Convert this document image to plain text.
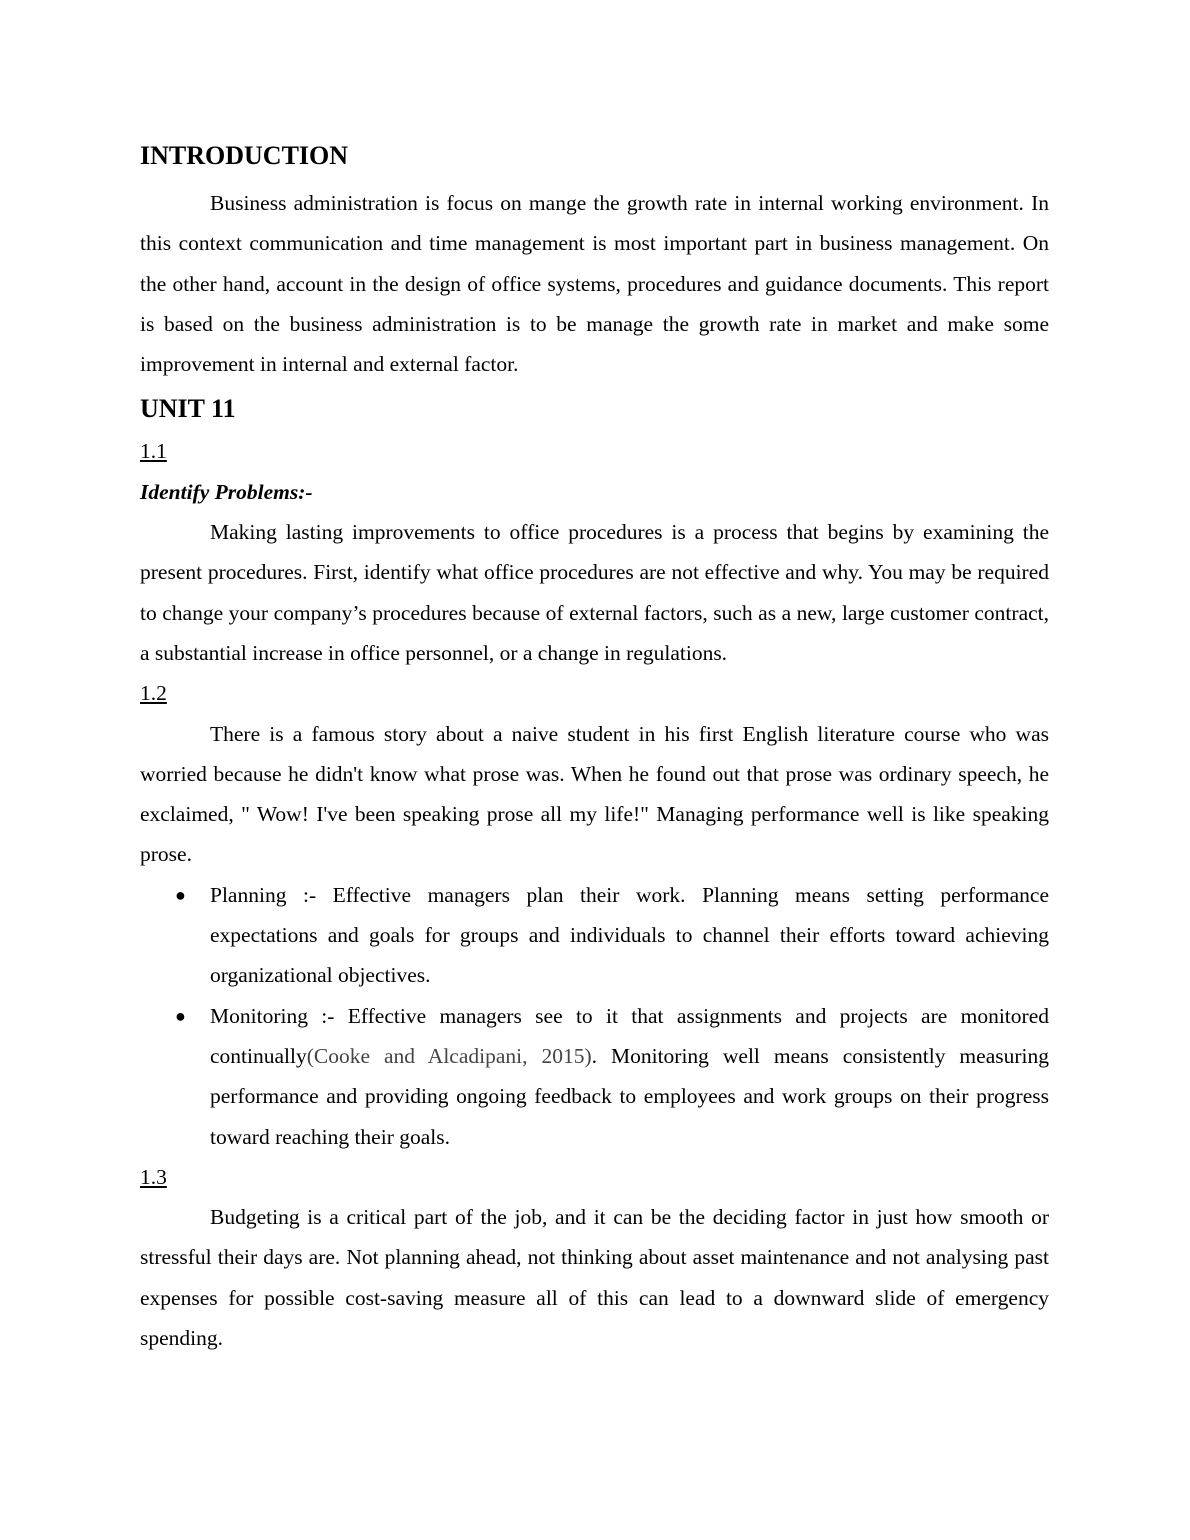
INTRODUCTION

Business administration is focus on mange the growth rate in internal working environment. In this context communication and time management is most important part in business management. On the other hand, account in the design of office systems, procedures and guidance documents. This report is based on the business administration is to be manage the growth rate in market and make some improvement in internal and external factor.

UNIT 11

1.1

Identify Problems:-

Making lasting improvements to office procedures is a process that begins by examining the present procedures. First, identify what office procedures are not effective and why. You may be required to change your company’s procedures because of external factors, such as a new, large customer contract, a substantial increase in office personnel, or a change in regulations.

1.2

There is a famous story about a naive student in his first English literature course who was worried because he didn't know what prose was. When he found out that prose was ordinary speech, he exclaimed, " Wow! I've been speaking prose all my life!" Managing performance well is like speaking prose.

● Planning :- Effective managers plan their work. Planning means setting performance expectations and goals for groups and individuals to channel their efforts toward achieving organizational objectives.
● Monitoring :- Effective managers see to it that assignments and projects are monitored continually(Cooke and Alcadipani, 2015). Monitoring well means consistently measuring performance and providing ongoing feedback to employees and work groups on their progress toward reaching their goals.

1.3

Budgeting is a critical part of the job, and it can be the deciding factor in just how smooth or stressful their days are. Not planning ahead, not thinking about asset maintenance and not analysing past expenses for possible cost-saving measure all of this can lead to a downward slide of emergency spending.
